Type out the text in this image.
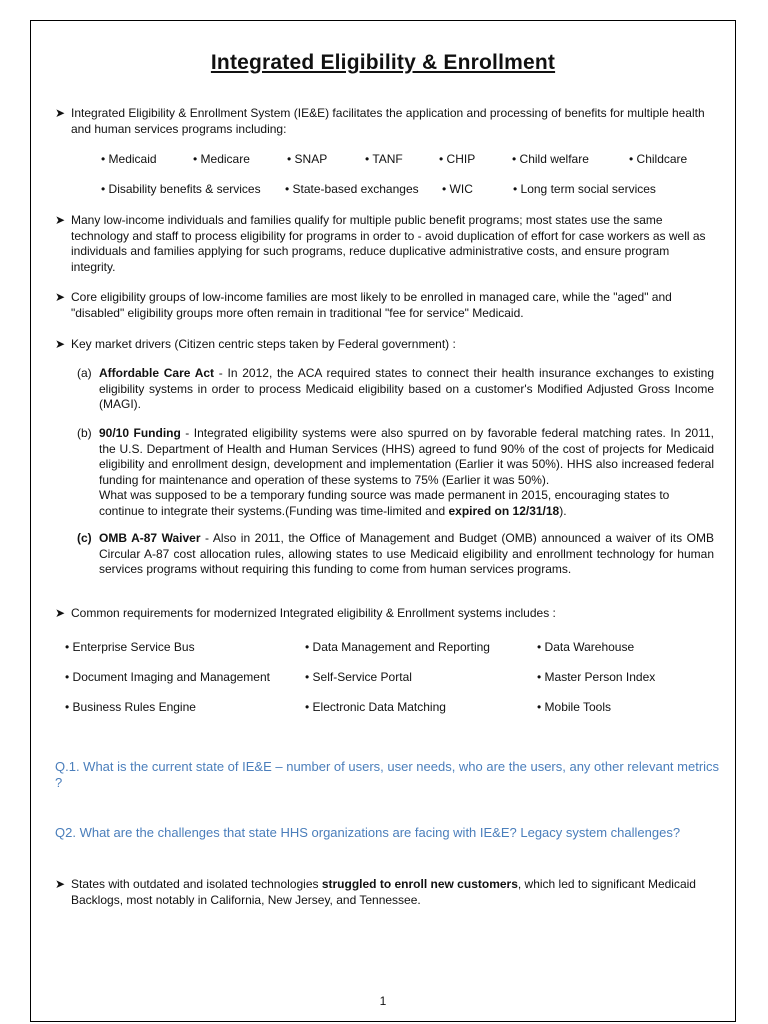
Integrated Eligibility & Enrollment
➤ Integrated Eligibility & Enrollment System (IE&E) facilitates the application and processing of benefits for multiple health and human services programs including:
• Medicaid	• Medicare	• SNAP	• TANF	• CHIP	• Child welfare	• Childcare
• Disability benefits & services • State-based exchanges • WIC	• Long term social services
➤ Many low-income individuals and families qualify for multiple public benefit programs; most states use the same technology and staff to process eligibility for programs in order to - avoid duplication of effort for case workers as well as individuals and families applying for such programs, reduce duplicative administrative costs, and ensure program integrity.
➤ Core eligibility groups of low-income families are most likely to be enrolled in managed care, while the "aged" and "disabled" eligibility groups more often remain in traditional "fee for service" Medicaid.
➤ Key market drivers (Citizen centric steps taken by Federal government) :
(a) Affordable Care Act - In 2012, the ACA required states to connect their health insurance exchanges to existing eligibility systems in order to process Medicaid eligibility based on a customer's Modified Adjusted Gross Income (MAGI).
(b) 90/10 Funding - Integrated eligibility systems were also spurred on by favorable federal matching rates. In 2011, the U.S. Department of Health and Human Services (HHS) agreed to fund 90% of the cost of projects for Medicaid eligibility and enrollment design, development and implementation (Earlier it was 50%). HHS also increased federal funding for maintenance and operation of these systems to 75% (Earlier it was 50%).
What was supposed to be a temporary funding source was made permanent in 2015, encouraging states to continue to integrate their systems.(Funding was time-limited and expired on 12/31/18).
(c) OMB A-87 Waiver - Also in 2011, the Office of Management and Budget (OMB) announced a waiver of its OMB Circular A-87 cost allocation rules, allowing states to use Medicaid eligibility and enrollment technology for human services programs without requiring this funding to come from human services programs.
➤ Common requirements for modernized Integrated eligibility & Enrollment systems includes :
• Enterprise Service Bus	• Data Management and Reporting	• Data Warehouse
• Document Imaging and Management	• Self-Service Portal	• Master Person Index
• Business Rules Engine	• Electronic Data Matching	• Mobile Tools
Q.1. What is the current state of IE&E – number of users, user needs, who are the users, any other relevant metrics ?
Q2. What are the challenges that state HHS organizations are facing with IE&E? Legacy system challenges?
➤ States with outdated and isolated technologies struggled to enroll new customers, which led to significant Medicaid Backlogs, most notably in California, New Jersey, and Tennessee.
1
